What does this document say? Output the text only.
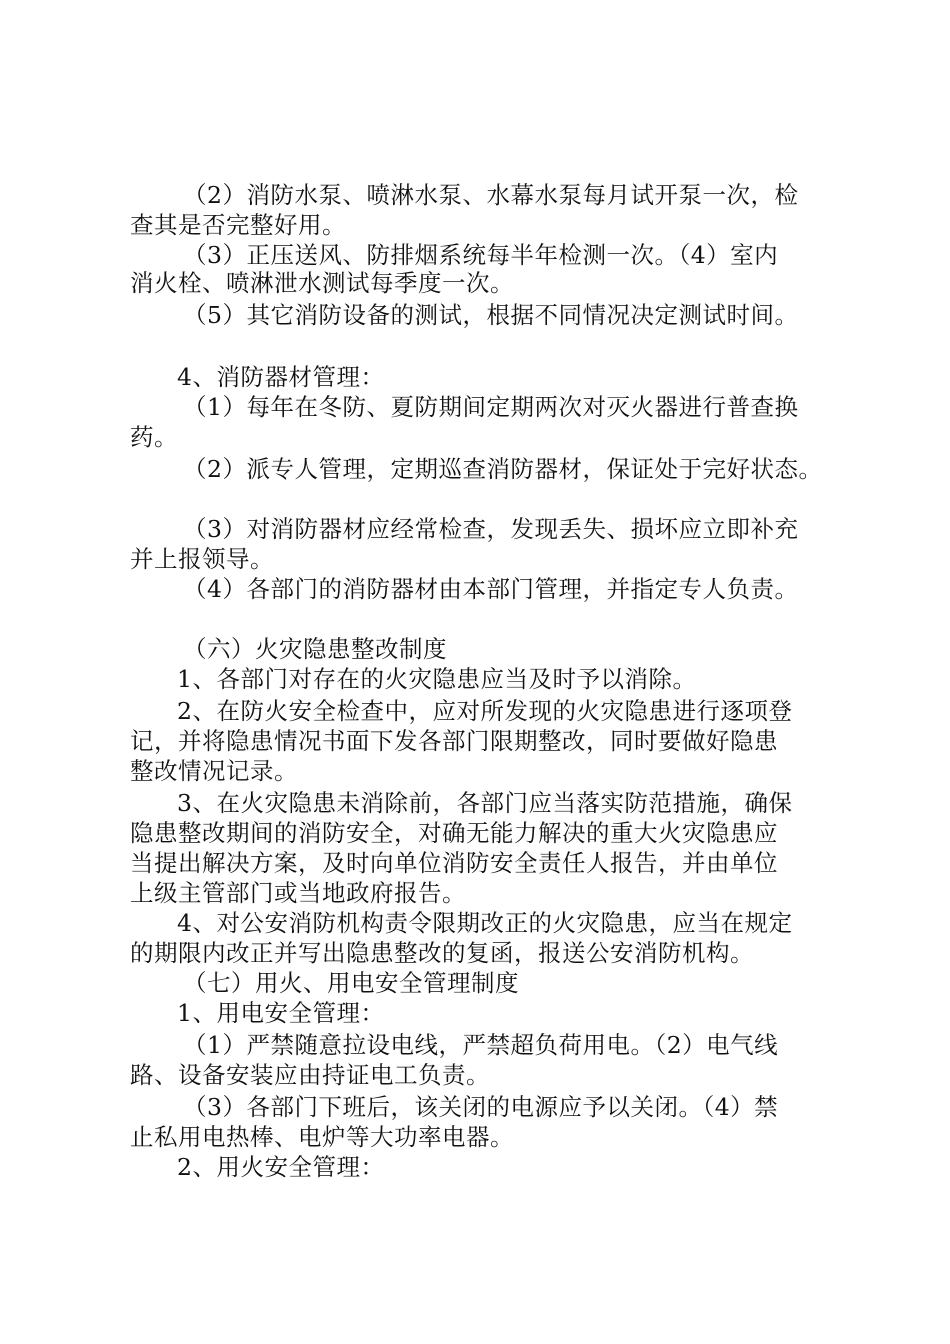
（2）消防水泵、喷淋水泵、水幕水泵每月试开泵一次，检
查其是否完整好用。
（3）正压送风、防排烟系统每半年检测一次。（4）室内
消火栓、喷淋泄水测试每季度一次。
（5）其它消防设备的测试，根据不同情况决定测试时间。
4、消防器材管理：
（1）每年在冬防、夏防期间定期两次对灭火器进行普查换
药。
（2）派专人管理，定期巡查消防器材，保证处于完好状态。
（3）对消防器材应经常检查，发现丢失、损坏应立即补充
并上报领导。
（4）各部门的消防器材由本部门管理，并指定专人负责。
（六）火灾隐患整改制度
1、各部门对存在的火灾隐患应当及时予以消除。
2、在防火安全检查中，应对所发现的火灾隐患进行逐项登
记，并将隐患情况书面下发各部门限期整改，同时要做好隐患
整改情况记录。
3、在火灾隐患未消除前，各部门应当落实防范措施，确保
隐患整改期间的消防安全，对确无能力解决的重大火灾隐患应
当提出解决方案，及时向单位消防安全责任人报告，并由单位
上级主管部门或当地政府报告。
4、对公安消防机构责令限期改正的火灾隐患，应当在规定
的期限内改正并写出隐患整改的复函，报送公安消防机构。
（七）用火、用电安全管理制度
1、用电安全管理：
（1）严禁随意拉设电线，严禁超负荷用电。（2）电气线
路、设备安装应由持证电工负责。
（3）各部门下班后，该关闭的电源应予以关闭。（4）禁
止私用电热棒、电炉等大功率电器。
2、用火安全管理：
